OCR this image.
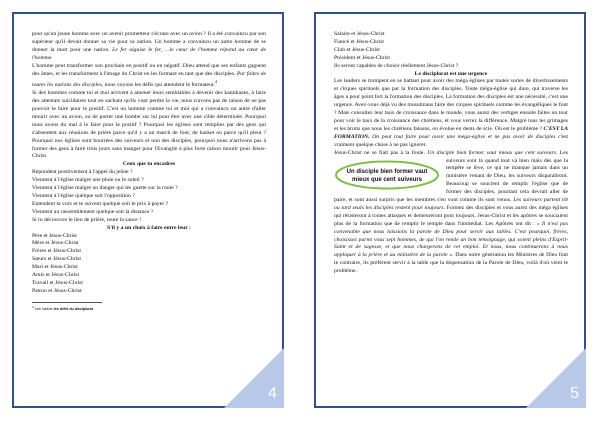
4

pour qu'un jeune homme avec un avenir prometteur s'écrase avec un avion ? Il a été convaincu par son supérieur qu'il devait donner sa vie pour sa nation. Un homme a convaincu un autre homme de se donner la mort pour une nation. Le fer aiguise le fer, …le cœur de l'homme répond au cœur de l'homme.

L'homme peut transformer son prochain en positif ou en négatif. Dieu attend que ses enfants gagnent des âmes, et les transforment à l'image du Christ en les formant en tant que des disciples. Par faites de toutes les nations des disciples, nous voyons les défis qui attendent le formateur.$^4$

Si des hommes comme toi et moi arrivent à amener leurs semblables à devenir des kamikazes, à faire des attentats suicidaires tout en sachant qu'ils vont perdre la vie, nous n'avons pas de raison de ne pas pouvoir le faire pour le positif. C'est un homme comme toi et moi qui a convaincu un autre d'aller mourir avec un avion, ou de porter une bombe sur lui pour être avec une cible déterminée. Pourquoi nous avons du mal à le faire pour le positif ? Pourquoi les églises sont remplies par des gens qui s'absentent aux réunions de prière parce qu'il y a un match de foot, de basket ou parce qu'il pleut ? Pourquoi nos églises sont bourrées des suiveurs et non des disciples, pourquoi nous n'arrivons pas à former des gens à faire trois jours sans manger pour l'Evangile à plus forte raison mourir pour Jésus-Christ.

Ceux que tu encadres

Répondent positivement à l'appel du jeûne ?
Viennent à l'église malgré une pluie ou le soleil ?
Viennent à l'église malgré un danger qui les guette sur la route ?
Viennent à l'église quelque soit l'opposition ?
Entendent ta voix et te suivent quelque soit le prix à payer ?
Viennent au rassemblement quelque soit la distance ?
Si tu découvres le lieu de prière, toute la sauce !

S'il y a un choix à faire entre leur :

Père et Jésus-Christ
Mère et Jésus-Christ
Frères et Jésus-Christ
Sœurs et Jésus-Christ
Mari et Jésus-Christ
Amis et Jésus-Christ
Travail et Jésus-Christ
Patron et Jésus-Christ
$^4$ Voir l'article les défis du disciplorat
5
Salaire et Jésus-Christ
Fiancé et Jésus-Christ
Club et Jésus-Christ
Président et Jésus-Christ
Ils seront capables de choisir réellement Jésus-Christ ?

Le disciplorat est une urgence

Les leaders se trompent en se battant pour avoir des méga églises par toutes sortes de divertissements et cirques spirituels que par la formation des disciples. Toute méga-église qui dure, qui traverse les âges a pour point fort la formation des disciples. La formation des disciples est une nécessité, c'est une urgence. Avez-vous déjà vu des musulmans faire des cirques spirituels comme les évangéliques le font ? Mais consultez leur taux de croissance dans le monde, vous aurez des vertiges ensuite faites un tour pour voir le taux de la croissance des chrétiens, et vous verrez la différence. Malgré tous les grimages et les bruits que nous les chrétiens faisons, on évolue en dents de scie. Où est le problème ? C'EST LA FORMATION. On peut tout faire pour avoir une méga-église et ne pas avoir de disciples c'est vraiment quelque chose à ne pas ignorer.

Jésus-Christ ne se fiait pas à la foule. Un disciple bien former vaut mieux que cent suiveurs.
Un disciple bien former vaut mieux que cent suiveurs
Les suiveurs sont là quand tout va bien mais dès que la tempête se lève, ce qui ne manque jamais dans un ministère venant de Dieu, les suiveurs disparaîtront. Beaucoup se soucient de remplir l'église que de former des disciples, pourtant cela devrait aller de paire, et sont aussi surpris que les membres s'en vont comme ils sont venus. Les suiveurs partent tôt ou tard seuls les disciples restent pour toujours. Formez des disciples et vous aurez des méga églises qui résisteront à toutes attaques et demeureront pour toujours. Jésus-Christ et les apôtres se souciaient plus de la formation que de remplir le temple dans l'immédiat. Les Apôtres ont dit : « Il n'est pas convenable que nous laissions la parole de Dieu pour servir aux tables. C'est pourquoi, frères, choisissez parmi vous sept hommes, de qui l'on rende un bon témoignage, qui soient pleins d'Esprit-Saint et de sagesse, et que nous chargerons de cet emploi. Et nous, nous continuerons à nous appliquer à la prière et au ministère de la parole ». Dans notre génération les Ministres de Dieu font le contraire, ils préfèrent servir à la table que la dispensation de la Parole de Dieu, voilà d'où vient le problème.
